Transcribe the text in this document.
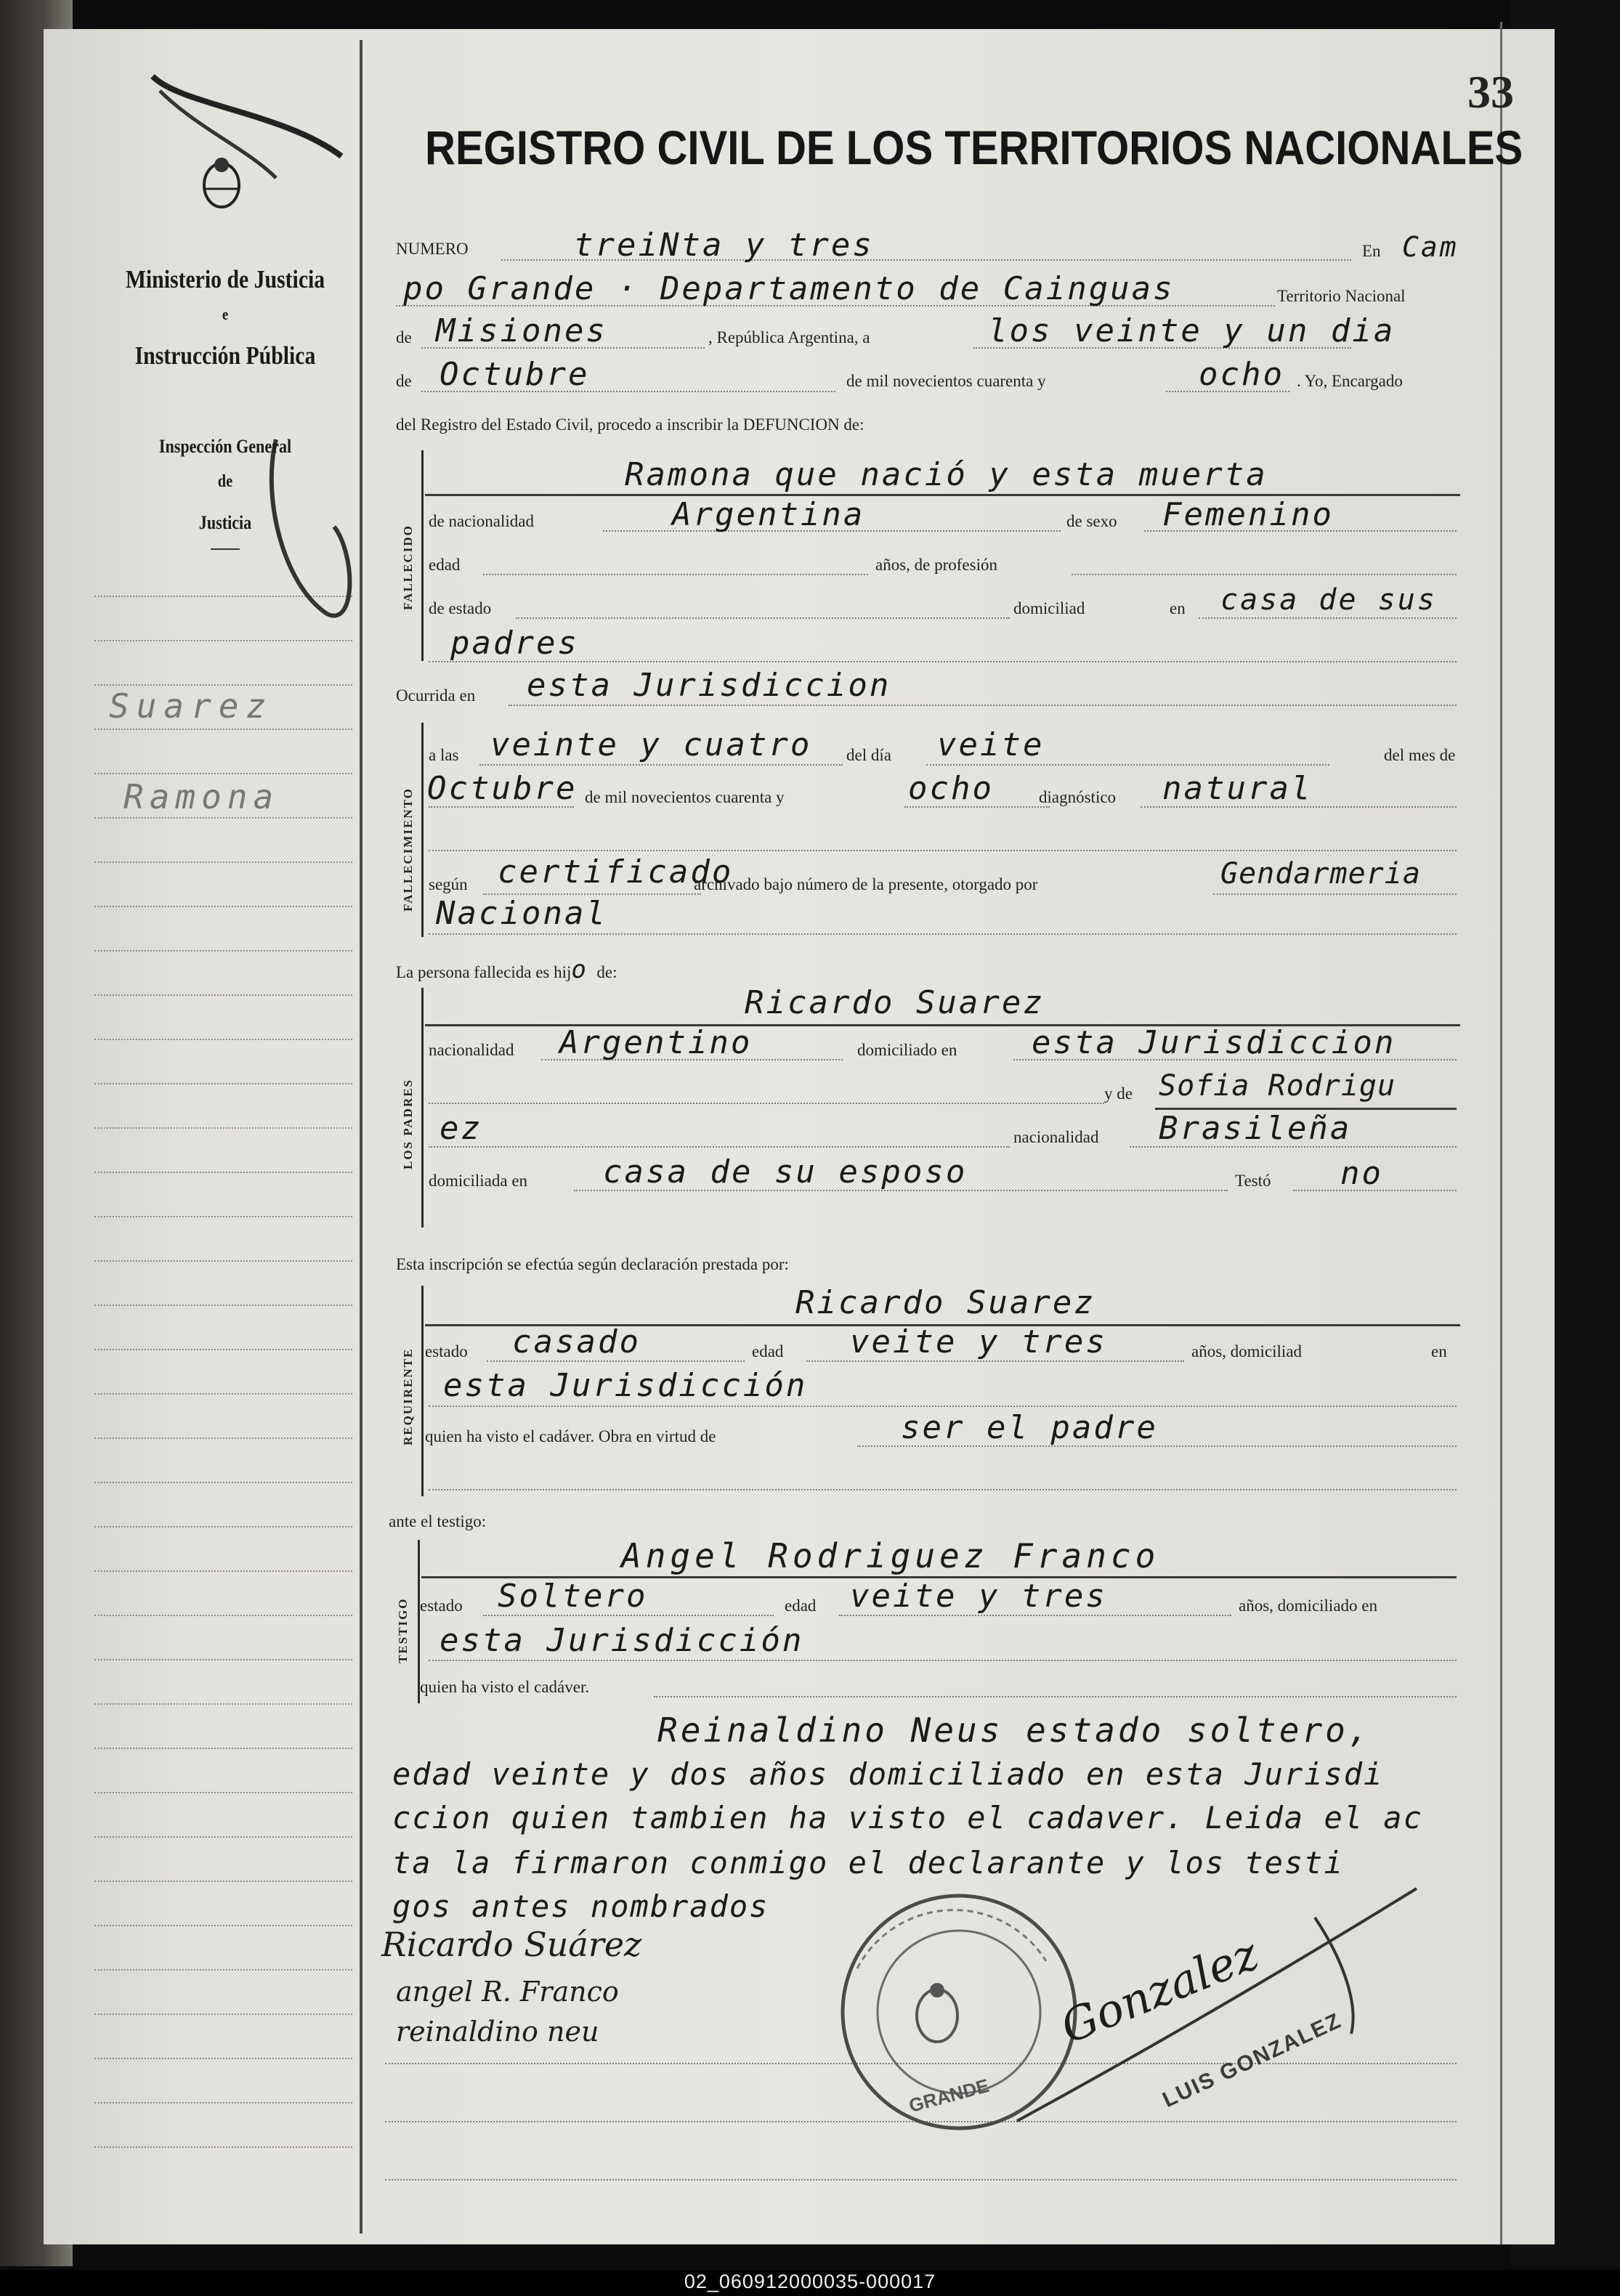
Ministerio de Justicia
e
Instrucción Pública
Inspección General
de
Justicia
Suarez
Ramona
33
REGISTRO CIVIL DE LOS TERRITORIOS NACIONALES
NUMERO	treiNta y tres	En Cam
po Grande · Departamento de Cainguas	Territorio Nacional
de Misiones	, República Argentina, a	los veinte y un dia
de Octubre	de mil novecientos cuarenta y	ocho . Yo, Encargado
del Registro del Estado Civil, procedo a inscribir la DEFUNCION de:
FALLECIDO
Ramona que nació y esta muerta
de nacionalidad	Argentina	de sexo Femenino
edad	años, de profesión
de estado	domiciliad	en casa de sus
padres
Ocurrida en esta Jurisdiccion
FALLECIMIENTO
a las veinte y cuatro del día veite	del mes de
Octubre de mil novecientos cuarenta y	ocho	diagnóstico natural
según certificado
archivado bajo número de la presente, otorgado por	Gendarmeria
Nacional
La persona fallecida es hijo de:
LOS PADRES
Ricardo Suarez
nacionalidad Argentino	domiciliado en esta Jurisdiccion
y de Sofia Rodrigu
ez	nacionalidad Brasileña
domiciliada en casa de su esposo	Testó no
Esta inscripción se efectúa según declaración prestada por:
REQUIRENTE
Ricardo Suarez
estado casado	edad veite y tres	años, domiciliad	en
esta Jurisdicción
quien ha visto el cadáver. Obra en virtud de	ser el padre
ante el testigo:
TESTIGO
Angel Rodriguez Franco
estado Soltero	edad veite y tres	años, domiciliado en
esta Jurisdicción
quien ha visto el cadáver.
Reinaldino Neus estado soltero,
edad veinte y dos años domiciliado en esta Jurisdi
ccion quien tambien ha visto el cadaver. Leida el ac
ta la firmaron conmigo el declarante y los testi
gos antes nombrados
GRANDE	LUIS GONZALEZ
Ricardo Suárez
angel R. Franco
reinaldino neu	Gonzalez
02_060912000035-000017
